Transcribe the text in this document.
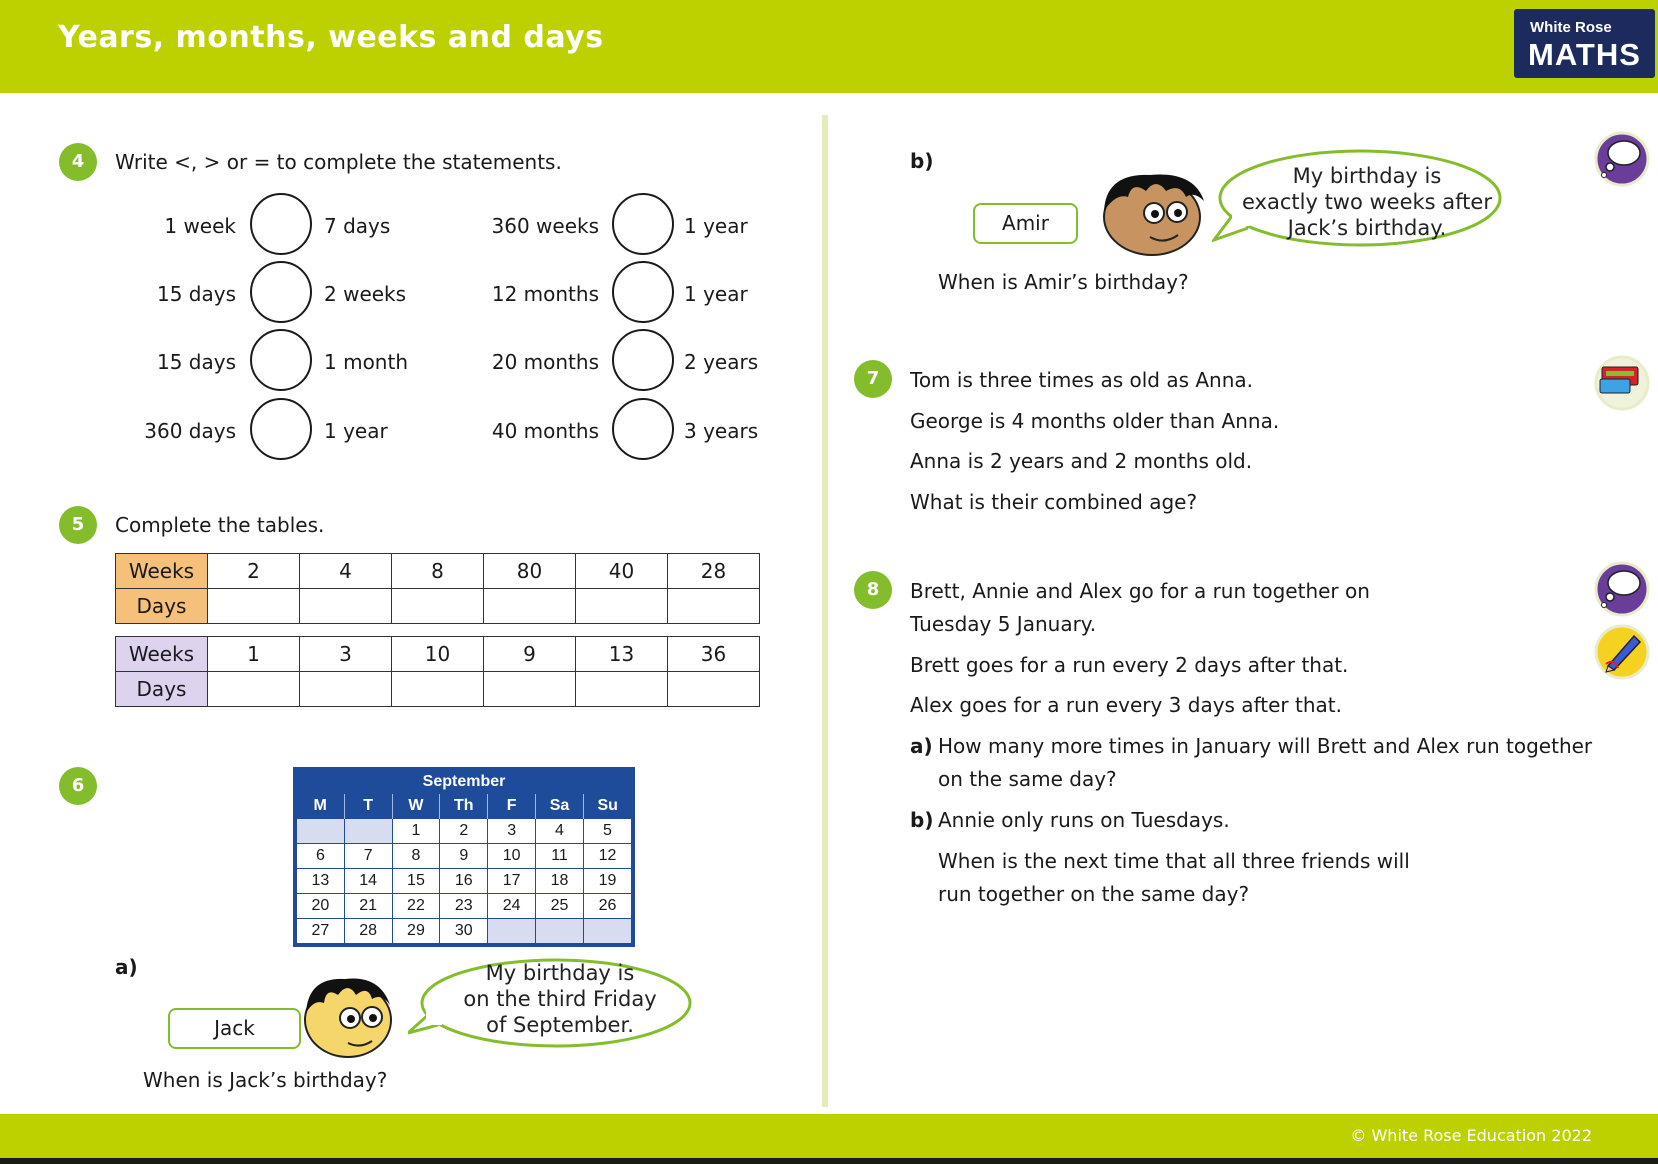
Years, months, weeks and days	White Rose
MATHS
4	Write <, > or = to complete the statements.
1 week	7 days
15 days	2 weeks
15 days	1 month
360 days	1 year
360 weeks	1 year
12 months	1 year
20 months	2 years
40 months	3 years
5	Complete the tables.
Weeks	2	4	8	80	40	28
Days						
Weeks	1	3	10	9	13	36
Days						
6	September
M	T	W	Th	F	Sa	Su
		1	2	3	4	5
6	7	8	9	10	11	12
13	14	15	16	17	18	19
20	21	22	23	24	25	26
27	28	29	30			
a)
Jack
My birthday is
on the third Friday
of September.
When is Jack’s birthday?
b)
Amir
My birthday is
exactly two weeks after
Jack’s birthday.
When is Amir’s birthday?
7	Tom is three times as old as Anna.
George is 4 months older than Anna.
Anna is 2 years and 2 months old.
What is their combined age?
8	Brett, Annie and Alex go for a run together on
Tuesday 5 January.
Brett goes for a run every 2 days after that.
Alex goes for a run every 3 days after that.
a) How many more times in January will Brett and Alex run together
on the same day?
b) Annie only runs on Tuesdays.
When is the next time that all three friends will
run together on the same day?
© White Rose Education 2022
